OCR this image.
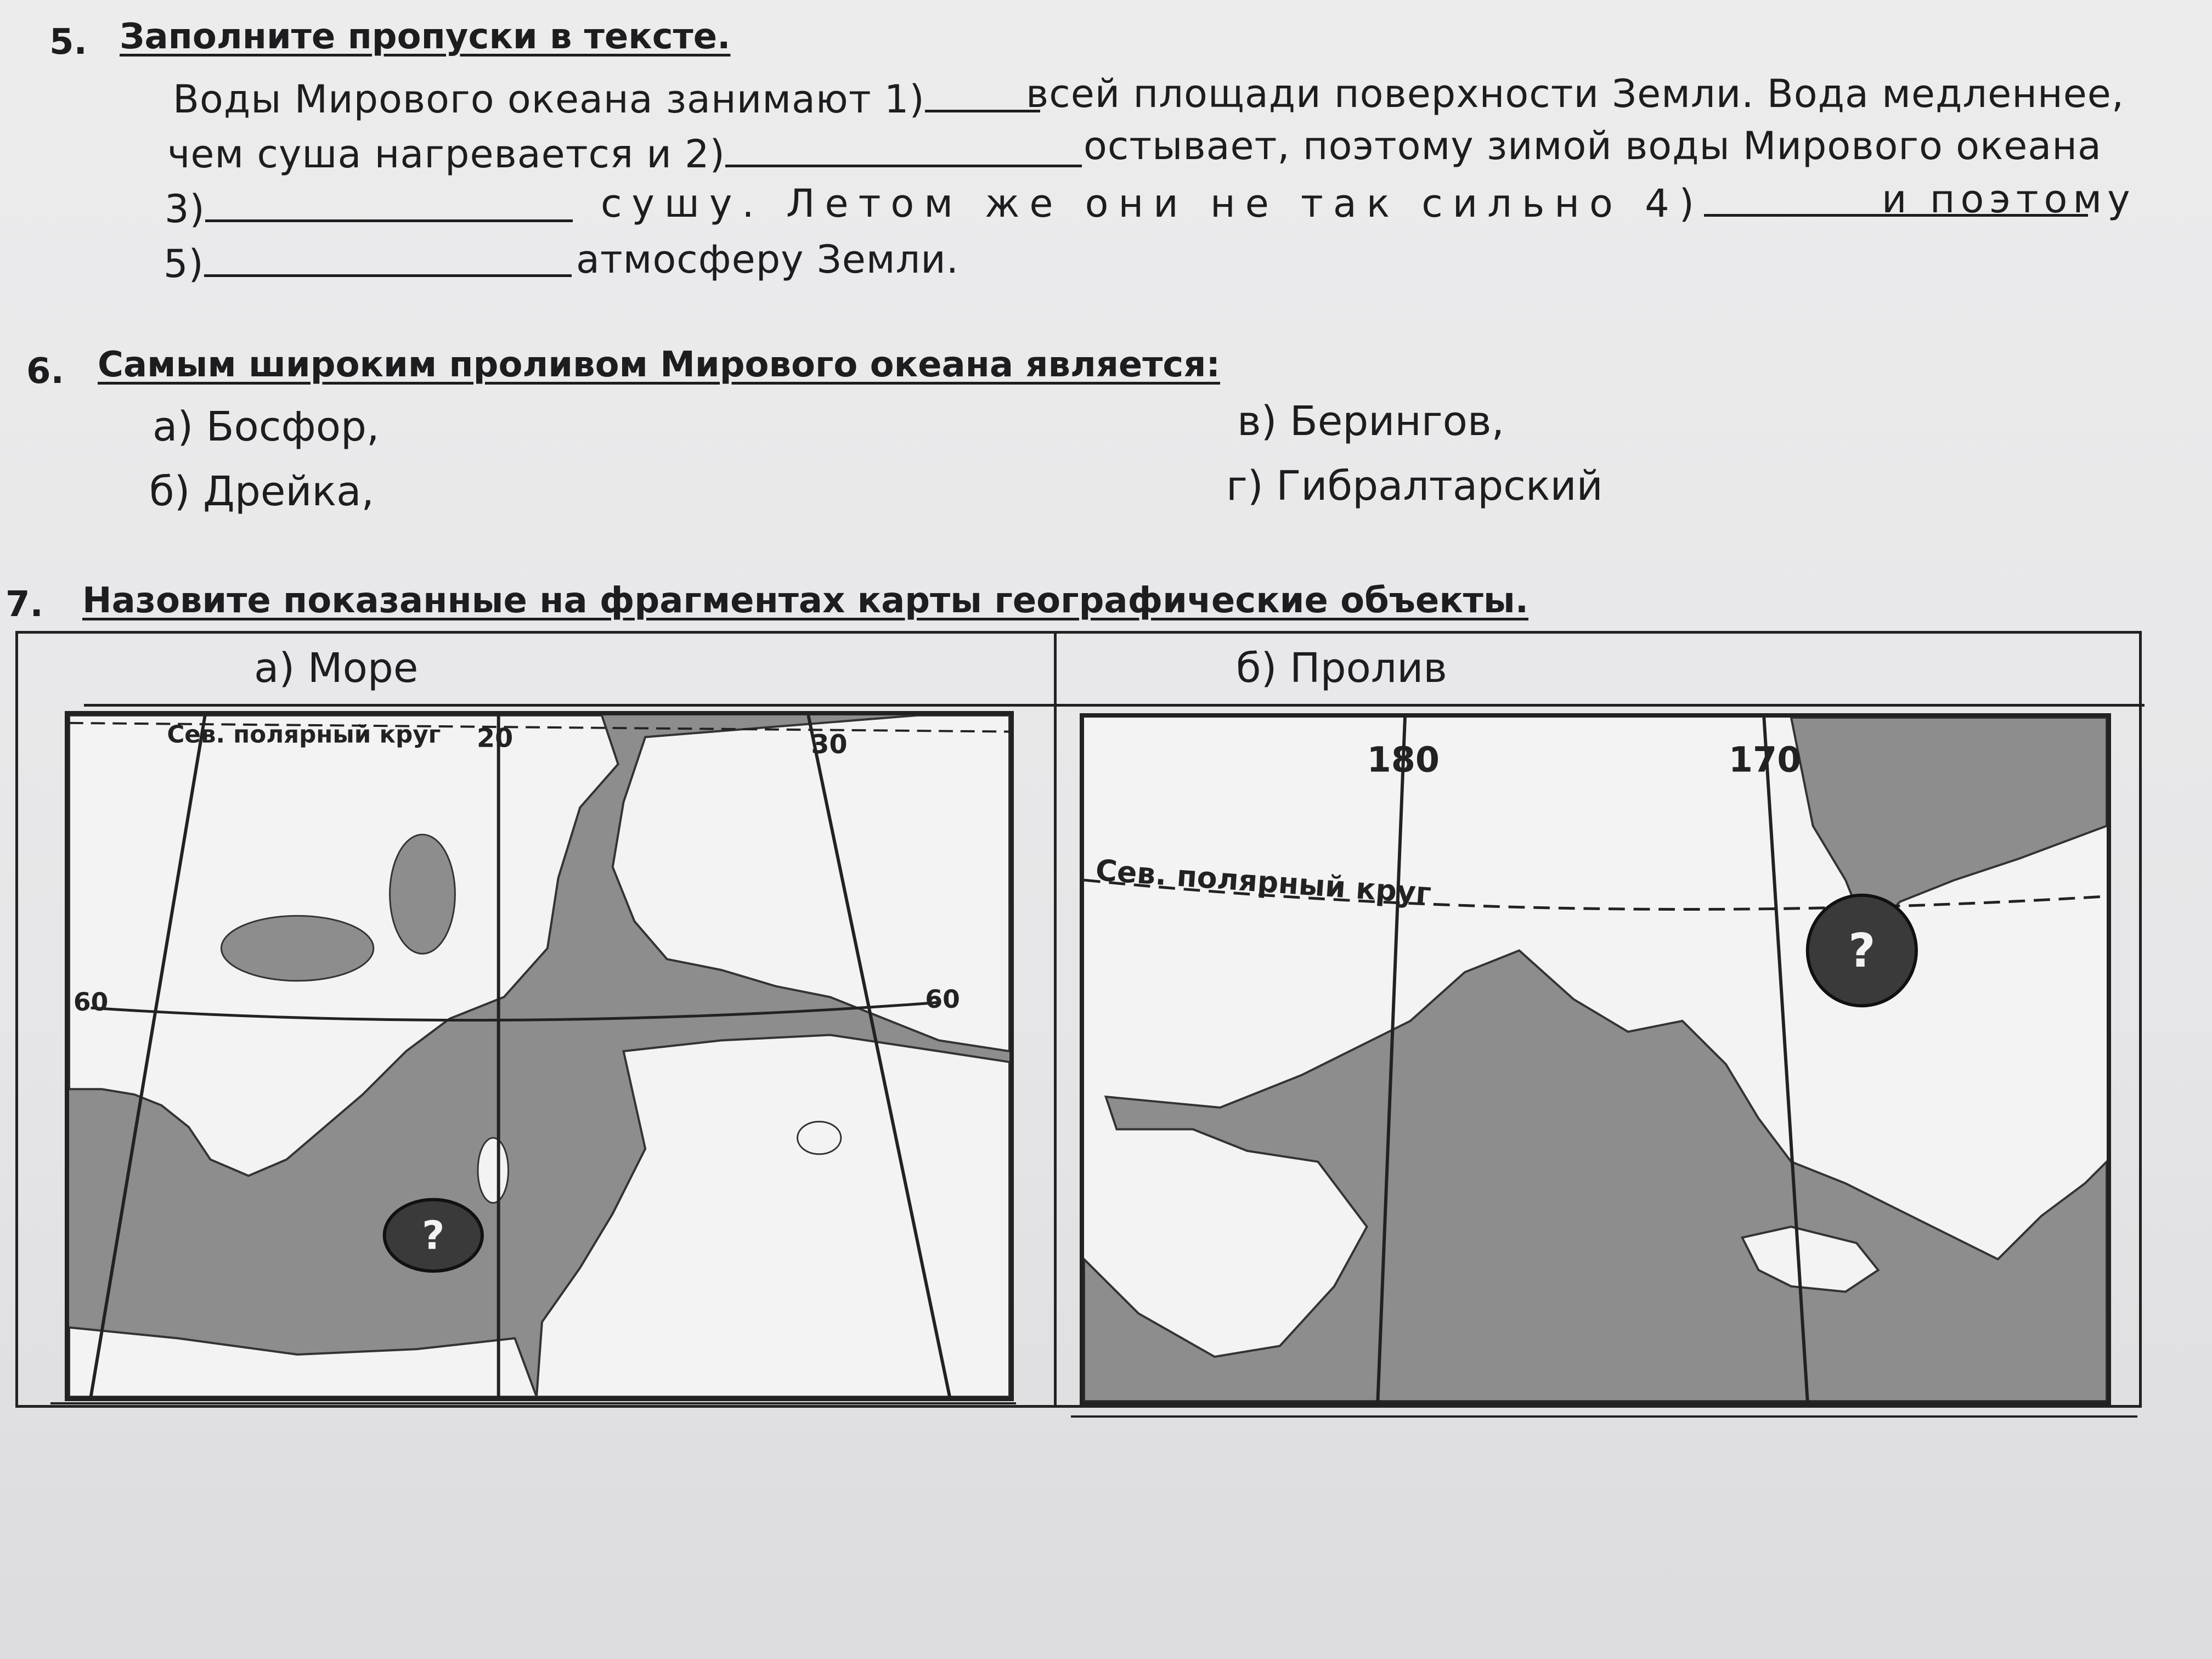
5. Заполните пропуски в тексте.
Воды Мирового океана занимают 1)	всей площади поверхности Земли. Вода медленнее,
чем суша нагревается и 2)	остывает, поэтому зимой воды Мирового океана
3)	сушу. Летом же они не так сильно 4)	и поэтому
5)	атмосферу Земли.
6. Самым широким проливом Мирового океана является:
а) Босфор,
б) Дрейка,
в) Берингов,
г) Гибралтарский
7. Назовите показанные на фрагментах карты географические объекты.
а) Море	б) Пролив
Сев. полярный круг 20	30
60	60
?
180	170
Сев. полярный круг
?
